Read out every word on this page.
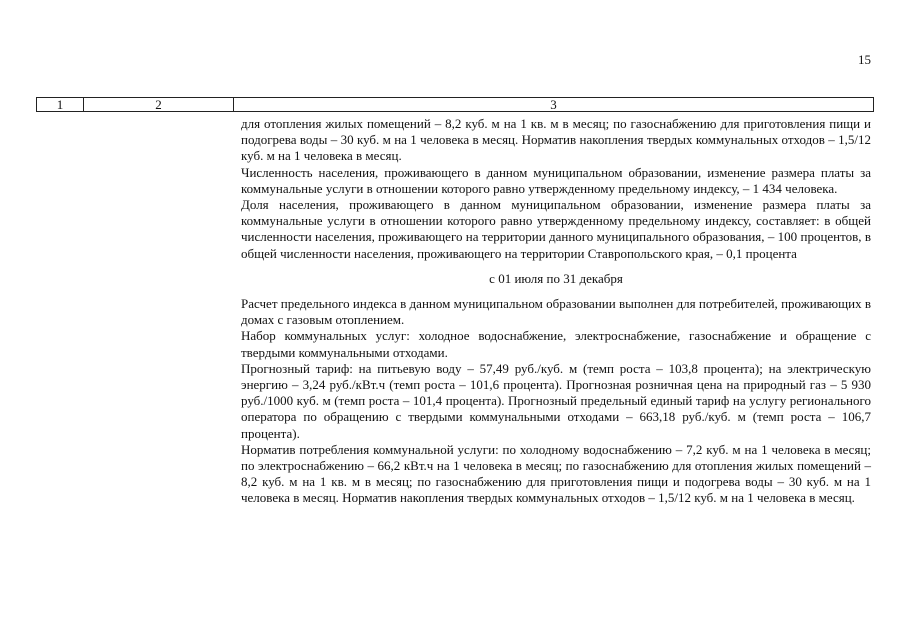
15
1	2	3

для отопления жилых помещений – 8,2 куб. м на 1 кв. м в месяц; по газоснабжению для приготовления пищи и подогрева воды – 30 куб. м на 1 человека в месяц. Норматив накопления твердых коммунальных отходов – 1,5/12 куб. м на 1 человека в месяц.

Численность населения, проживающего в данном муниципальном образовании, изменение размера платы за коммунальные услуги в отношении которого равно утвержденному предельному индексу, – 1 434 человека.

Доля населения, проживающего в данном муниципальном образовании, изменение размера платы за коммунальные услуги в отношении которого равно утвержденному предельному индексу, составляет: в общей численности населения, проживающего на территории данного муниципального образования, – 100 процентов, в общей численности населения, проживающего на территории Ставропольского края, – 0,1 процента

с 01 июля по 31 декабря

Расчет предельного индекса в данном муниципальном образовании выполнен для потребителей, проживающих в домах с газовым отоплением.

Набор коммунальных услуг: холодное водоснабжение, электроснабжение, газоснабжение и обращение с твердыми коммунальными отходами.

Прогнозный тариф: на питьевую воду – 57,49 руб./куб. м (темп роста – 103,8 процента); на электрическую энергию – 3,24 руб./кВт.ч (темп роста – 101,6 процента). Прогнозная розничная цена на природный газ – 5 930 руб./1000 куб. м (темп роста – 101,4 процента). Прогнозный предельный единый тариф на услугу регионального оператора по обращению с твердыми коммунальными отходами – 663,18 руб./куб. м (темп роста – 106,7 процента).

Норматив потребления коммунальной услуги: по холодному водоснабжению – 7,2 куб. м на 1 человека в месяц; по электроснабжению – 66,2 кВт.ч на 1 человека в месяц; по газоснабжению для отопления жилых помещений – 8,2 куб. м на 1 кв. м в месяц; по газоснабжению для приготовления пищи и подогрева воды – 30 куб. м на 1 человека в месяц. Норматив накопления твердых коммунальных отходов – 1,5/12 куб. м на 1 человека в месяц.
